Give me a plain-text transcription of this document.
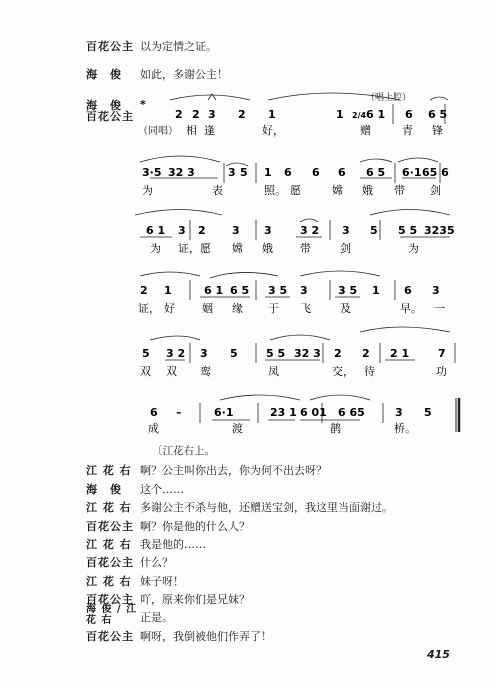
百花公主 以为定情之证。
海　俊 如此，多谢公主！
海　俊
百花公主
（同唱）
（唱上腔）
*
2 2 3 2 1	1 2/4 6 1 6 6 5
相 逢	好，	赠	青 锋
3·5 32 3	3 5 1 6 6 6 6 5 6·1 65 6
为	表	照。 愿	嫦 娥 带 剑
6 1 3 2 3 3	3 2 3 5 5 5 3235
为 证， 愿 嫦 娥 带	剑	为
2 1	6 1 6 5 3 5 3	3 5 1 6 3
证， 好 姻 缘 于 飞	及	早。 一
5 3 2 3 5	5 5 32 3 2 2 2 1	7
双 双 鸾	凤	交， 待	功
6 –	6·1	23 1 6 01 6 65	3 5
成	渡	鹊	桥。
〔江花右上。
江 花 右 啊？公主叫你出去，你为何不出去呀？
海　俊 这个……
江 花 右 多谢公主不杀与他，还赠送宝剑，我这里当面谢过。
百花公主 啊？你是他的什么人？
江 花 右 我是他的……
百花公主 什么？
江 花 右 妹子呀！
百花公主 吖，原来你们是兄妹？
海 俊 / 江 花 右	正是。
百花公主 啊呀，我倒被他们作弄了！
415
